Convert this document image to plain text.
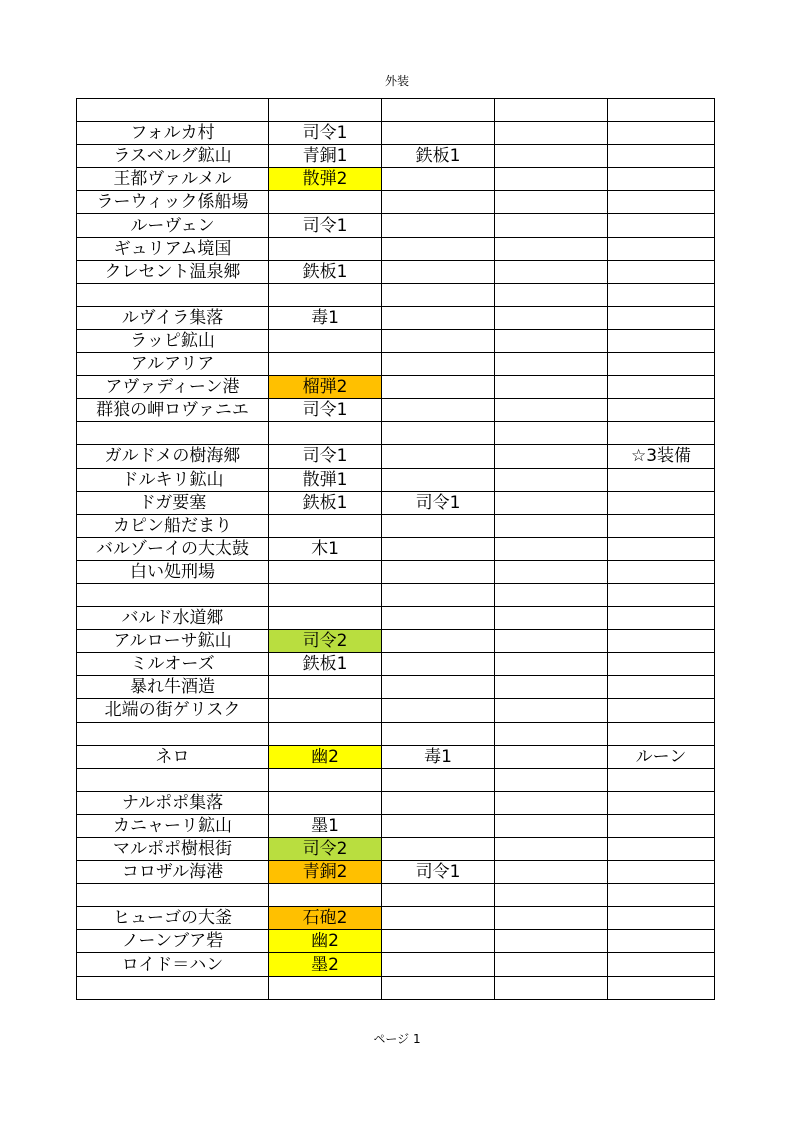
外装

フォルカ村	司令1			
ラスベルグ鉱山	青銅1	鉄板1		
王都ヴァルメル	散弾2			
ラーウィック係船場				
ルーヴェン	司令1			
ギュリアム境国				
クレセント温泉郷	鉄板1			

ルヴイラ集落	毒1			
ラッピ鉱山				
アルアリア				
アヴァディーン港	榴弾2			
群狼の岬ロヴァニエ	司令1			

ガルドメの樹海郷	司令1			☆3装備
ドルキリ鉱山	散弾1			
ドガ要塞	鉄板1	司令1		
カピン船だまり				
バルゾーイの大太鼓	木1			
白い処刑場				

バルド水道郷				
アルローサ鉱山	司令2			
ミルオーズ	鉄板1			
暴れ牛酒造				
北端の街ゲリスク				

ネロ	幽2	毒1		ルーン

ナルポポ集落				
カニャーリ鉱山	墨1			
マルポポ樹根街	司令2			
コロザル海港	青銅2	司令1		

ヒューゴの大釜	石砲2			
ノーンブア砦	幽2			
ロイド＝ハン	墨2			

ページ 1
